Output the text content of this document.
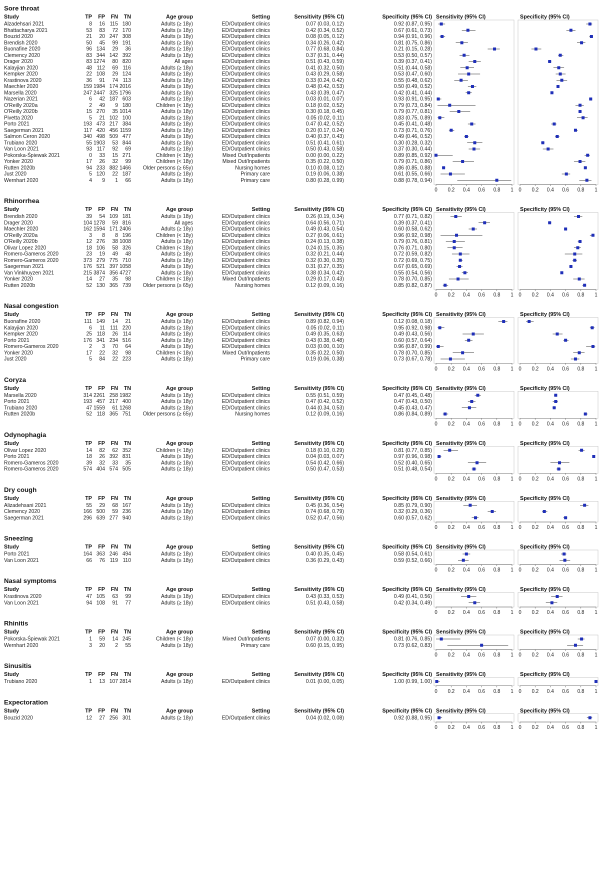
Sore throat
Study	TP FP FN TN	Age group	Setting	Sensitivity (95% CI)	Specificity (95% CI) Sensitivity (95% CI)	Specificity (95% CI)
Alzadehsari 2021	8 16 115 180	Adults (≥ 18y)	ED/Outpatient clinics	0.07 (0.03, 0.12)	0.92 (0.87, 0.95)
Bhattacharya 2021	53 83 72 170	Adults (≥ 18y)	ED/Outpatient clinics	0.42 (0.34, 0.52)	0.67 (0.61, 0.73)
Bouzid 2020	21 20 247 308	Adults (≥ 18y)	ED/Outpatient clinics	0.08 (0.05, 0.12)	0.94 (0.91, 0.96)
Brendish 2020	50 45 99 191	Adults (≥ 18y)	ED/Outpatient clinics	0.34 (0.26, 0.42)	0.81 (0.75, 0.86)
Buonafine 2020	96 134 29 36	Adults (≥ 18y)	ED/Outpatient clinics	0.77 (0.68, 0.84)	0.21 (0.15, 0.28)
Clemency 2020	83 344 142 392	Adults (≥ 18y)	ED/Outpatient clinics	0.37 (0.31, 0.44)	0.53 (0.50, 0.57)
Drager 2020	83 1274 80 820	All ages	ED/Outpatient clinics	0.51 (0.43, 0.59)	0.39 (0.37, 0.41)
Kalayjian 2020	48 112 69 116	Adults (≥ 18y)	ED/Outpatient clinics	0.41 (0.32, 0.50)	0.51 (0.44, 0.58)
Kempker 2020	22 108 29 124	Adults (≥ 18y)	ED/Outpatient clinics	0.43 (0.29, 0.58)	0.53 (0.47, 0.60)
Krastinova 2020	36 91 74 113	Adults (≥ 18y)	ED/Outpatient clinics	0.33 (0.24, 0.42)	0.55 (0.48, 0.62)
Maechler 2020	159 1984 174 2016	Adults (≥ 18y)	ED/Outpatient clinics	0.48 (0.42, 0.53)	0.50 (0.49, 0.52)
Marsella 2020	247 2447 325 1796	Adults (≥ 18y)	ED/Outpatient clinics	0.43 (0.39, 0.47)	0.42 (0.41, 0.44)
Nazerian 2021	6 42 187 603	Adults (≥ 18y)	ED/Outpatient clinics	0.03 (0.01, 0.07)	0.93 (0.91, 0.95)
O'Reilly 2020a	2 49 9 180	Children (< 18y)	ED/Outpatient clinics	0.18 (0.02, 0.52)	0.79 (0.73, 0.84)
O'Reilly 2020b	15 270 35 1014	Adults (≥ 18y)	ED/Outpatient clinics	0.30 (0.18, 0.45)	0.79 (0.77, 0.81)
Pivetta 2020	5 21 102 100	Adults (≥ 18y)	ED/Outpatient clinics	0.05 (0.02, 0.11)	0.83 (0.75, 0.89)
Porto 2021	193 473 217 384	Adults (≥ 18y)	ED/Outpatient clinics	0.47 (0.42, 0.52)	0.45 (0.41, 0.48)
Saegerman 2021	117 420 456 1159	Adults (≥ 18y)	ED/Outpatient clinics	0.20 (0.17, 0.24)	0.73 (0.71, 0.76)
Salmon Ceron 2020	340 498 509 477	Adults (≥ 18y)	ED/Outpatient clinics	0.40 (0.37, 0.43)	0.49 (0.46, 0.52)
Trubiano 2020	55 1903 53 844	Adults (≥ 18y)	ED/Outpatient clinics	0.51 (0.41, 0.61)	0.30 (0.28, 0.32)
Van Loon 2021	93 117 92 69	Adults (≥ 18y)	ED/Outpatient clinics	0.50 (0.43, 0.58)	0.37 (0.30, 0.44)
Pokorska-Śpiewak 2021	0 33 15 271	Children (< 18y)	Mixed Out/Inpatients	0.00 (0.00, 0.22)	0.89 (0.85, 0.92)
Yonker 2020	17 26 32 99	Children (< 18y)	Mixed Out/Inpatients	0.35 (0.22, 0.50)	0.79 (0.71, 0.86)
Rutten 2020b	94 233 882 1466 Older persons (≥ 65y)	Nursing homes	0.10 (0.08, 0.12)	0.86 (0.85, 0.88)
Just 2020	5 120 22 187	Adults (≥ 18y)	Primary care	0.19 (0.06, 0.38)	0.61 (0.55, 0.66)
Wernhart 2020	4 9 1 66	Adults (≥ 18y)	Primary care	0.80 (0.28, 0.99)	0.88 (0.78, 0.94)
0 0.2 0.4 0.6 0.8 1 0 0.2 0.4 0.6 0.8 1
Rhinorrhea
Study	TP FP FN TN	Age group	Setting	Sensitivity (95% CI)	Specificity (95% CI) Sensitivity (95% CI)	Specificity (95% CI)
Brendish 2020	39 54 109 181	Adults (≥ 18y)	ED/Outpatient clinics	0.26 (0.19, 0.34)	0.77 (0.71, 0.82)
Drager 2020	104 1278 59 816	All ages	ED/Outpatient clinics	0.64 (0.56, 0.71)	0.39 (0.37, 0.41)
Maechler 2020	162 1594 171 2406	Adults (≥ 18y)	ED/Outpatient clinics	0.49 (0.43, 0.54)	0.60 (0.58, 0.62)
O'Reilly 2020a	3 8 8 196	Children (< 18y)	ED/Outpatient clinics	0.27 (0.06, 0.61)	0.96 (0.92, 0.98)
O'Reilly 2020b	12 276 38 1008	Adults (≥ 18y)	ED/Outpatient clinics	0.24 (0.13, 0.38)	0.79 (0.76, 0.81)
Olivar Lopez 2020	18 106 58 326	Children (< 18y)	ED/Outpatient clinics	0.24 (0.15, 0.35)	0.76 (0.71, 0.80)
Romero-Gameros 2020	23 19 49 48	Adults (≥ 18y)	ED/Outpatient clinics	0.32 (0.21, 0.44)	0.72 (0.59, 0.82)
Romero-Gameros 2020	373 279 775 710	Adults (≥ 18y)	ED/Outpatient clinics	0.32 (0.30, 0.35)	0.72 (0.69, 0.75)
Saegerman 2021	176 521 397 1058	Adults (≥ 18y)	ED/Outpatient clinics	0.31 (0.27, 0.35)	0.67 (0.65, 0.69)
Van Vinkhuyzen 2021	215 3874 356 4727	Adults (≥ 18y)	ED/Outpatient clinics	0.38 (0.34, 0.42)	0.55 (0.54, 0.56)
Yonker 2020	14 27 35 98	Children (< 18y)	Mixed Out/Inpatients	0.29 (0.17, 0.43)	0.78 (0.70, 0.85)
Rutten 2020b	52 130 365 739 Older persons (≥ 65y)	Nursing homes	0.12 (0.09, 0.16)	0.85 (0.82, 0.87)
0 0.2 0.4 0.6 0.8 1 0 0.2 0.4 0.6 0.8 1
Nasal congestion
Study	TP FP FN TN	Age group	Setting	Sensitivity (95% CI)	Specificity (95% CI) Sensitivity (95% CI)	Specificity (95% CI)
Buonafine 2020	111 149 14 21	Adults (≥ 18y)	ED/Outpatient clinics	0.89 (0.82, 0.94)	0.12 (0.08, 0.18)
Kalayjian 2020	6 11 111 220	Adults (≥ 18y)	ED/Outpatient clinics	0.05 (0.02, 0.11)	0.95 (0.92, 0.98)
Kempker 2020	25 118 26 114	Adults (≥ 18y)	ED/Outpatient clinics	0.49 (0.35, 0.63)	0.49 (0.43, 0.56)
Porto 2021	176 341 234 516	Adults (≥ 18y)	ED/Outpatient clinics	0.43 (0.38, 0.48)	0.60 (0.57, 0.64)
Romero-Gameros 2020	2 3 70 64	Adults (≥ 18y)	ED/Outpatient clinics	0.03 (0.00, 0.10)	0.96 (0.87, 0.99)
Yonker 2020	17 22 32 98	Children (< 18y)	Mixed Out/Inpatients	0.35 (0.22, 0.50)	0.78 (0.70, 0.85)
Just 2020	5 84 22 223	Adults (≥ 18y)	Primary care	0.19 (0.06, 0.38)	0.73 (0.67, 0.78)
0 0.2 0.4 0.6 0.8 1 0 0.2 0.4 0.6 0.8 1
Coryza
Study	TP FP FN TN	Age group	Setting	Sensitivity (95% CI)	Specificity (95% CI) Sensitivity (95% CI)	Specificity (95% CI)
Marsella 2020	314 2261 258 1982	Adults (≥ 18y)	ED/Outpatient clinics	0.55 (0.51, 0.59)	0.47 (0.45, 0.48)
Porto 2021	193 457 217 400	Adults (≥ 18y)	ED/Outpatient clinics	0.47 (0.42, 0.52)	0.47 (0.43, 0.50)
Trubiano 2020	47 1559 61 1268	Adults (≥ 18y)	ED/Outpatient clinics	0.44 (0.34, 0.53)	0.45 (0.43, 0.47)
Rutten 2020b	52 118 365 751 Older persons (≥ 65y)	Nursing homes	0.12 (0.09, 0.16)	0.86 (0.84, 0.89)
0 0.2 0.4 0.6 0.8 1 0 0.2 0.4 0.6 0.8 1
Odynophagia
Study	TP FP FN TN	Age group	Setting	Sensitivity (95% CI)	Specificity (95% CI) Sensitivity (95% CI)	Specificity (95% CI)
Olivar Lopez 2020	14 82 62 352	Children (< 18y)	ED/Outpatient clinics	0.18 (0.10, 0.29)	0.81 (0.77, 0.85)
Porto 2021	18 26 392 831	Adults (≥ 18y)	ED/Outpatient clinics	0.04 (0.03, 0.07)	0.97 (0.96, 0.98)
Romero-Gameros 2020	39 32 33 35	Adults (≥ 18y)	ED/Outpatient clinics	0.54 (0.42, 0.66)	0.52 (0.40, 0.65)
Romero-Gameros 2020	574 404 574 505	Adults (≥ 18y)	ED/Outpatient clinics	0.50 (0.47, 0.53)	0.51 (0.48, 0.54)
0 0.2 0.4 0.6 0.8 1 0 0.2 0.4 0.6 0.8 1
Dry cough
Study	TP FP FN TN	Age group	Setting	Sensitivity (95% CI)	Specificity (95% CI) Sensitivity (95% CI)	Specificity (95% CI)
Alizadehsani 2021	55 29 68 167	Adults (≥ 18y)	ED/Outpatient clinics	0.45 (0.36, 0.54)	0.85 (0.79, 0.90)
Clemency 2020	166 500 59 236	Adults (≥ 18y)	ED/Outpatient clinics	0.74 (0.68, 0.79)	0.32 (0.29, 0.36)
Saegerman 2021	296 639 277 940	Adults (≥ 18y)	ED/Outpatient clinics	0.52 (0.47, 0.56)	0.60 (0.57, 0.62)
0 0.2 0.4 0.6 0.8 1 0 0.2 0.4 0.6 0.8 1
Sneezing
Study	TP FP FN TN	Age group	Setting	Sensitivity (95% CI)	Specificity (95% CI) Sensitivity (95% CI)	Specificity (95% CI)
Porto 2021	164 363 246 494	Adults (≥ 18y)	ED/Outpatient clinics	0.40 (0.35, 0.45)	0.58 (0.54, 0.61)
Van Loon 2021	66 76 119 110	Adults (≥ 18y)	ED/Outpatient clinics	0.36 (0.29, 0.43)	0.59 (0.52, 0.66)
0 0.2 0.4 0.6 0.8 1 0 0.2 0.4 0.6 0.8 1
Nasal symptoms
Study	TP FP FN TN	Age group	Setting	Sensitivity (95% CI)	Specificity (95% CI) Sensitivity (95% CI)	Specificity (95% CI)
Krastinova 2020	47 105 63 99	Adults (≥ 18y)	ED/Outpatient clinics	0.43 (0.33, 0.53)	0.49 (0.41, 0.56)
Van Loon 2021	94 108 91 77	Adults (≥ 18y)	ED/Outpatient clinics	0.51 (0.43, 0.58)	0.42 (0.34, 0.49)
0 0.2 0.4 0.6 0.8 1 0 0.2 0.4 0.6 0.8 1
Rhinitis
Study	TP FP FN TN	Age group	Setting	Sensitivity (95% CI)	Specificity (95% CI) Sensitivity (95% CI)	Specificity (95% CI)
Pokorska-Śpiewak 2021	1 59 14 245	Children (< 18y)	Mixed Out/Inpatients	0.07 (0.00, 0.32)	0.81 (0.76, 0.85)
Wernhart 2020	3 20 2 55	Adults (≥ 18y)	Primary care	0.60 (0.15, 0.95)	0.73 (0.62, 0.83)
0 0.2 0.4 0.6 0.8 1 0 0.2 0.4 0.6 0.8 1
Sinusitis
Study	TP FP FN TN	Age group	Setting	Sensitivity (95% CI)	Specificity (95% CI) Sensitivity (95% CI)	Specificity (95% CI)
Trubiano 2020	1 13 107 2814	Adults (≥ 18y)	ED/Outpatient clinics	0.01 (0.00, 0.05)	1.00 (0.99, 1.00)
0 0.2 0.4 0.6 0.8 1 0 0.2 0.4 0.6 0.8 1
Expectoration
Study	TP FP FN TN	Age group	Setting	Sensitivity (95% CI)	Specificity (95% CI) Sensitivity (95% CI)	Specificity (95% CI)
Bouzid 2020	12 27 256 301	Adults (≥ 18y)	ED/Outpatient clinics	0.04 (0.02, 0.08)	0.92 (0.88, 0.95)
0 0.2 0.4 0.6 0.8 1 0 0.2 0.4 0.6 0.8 1
